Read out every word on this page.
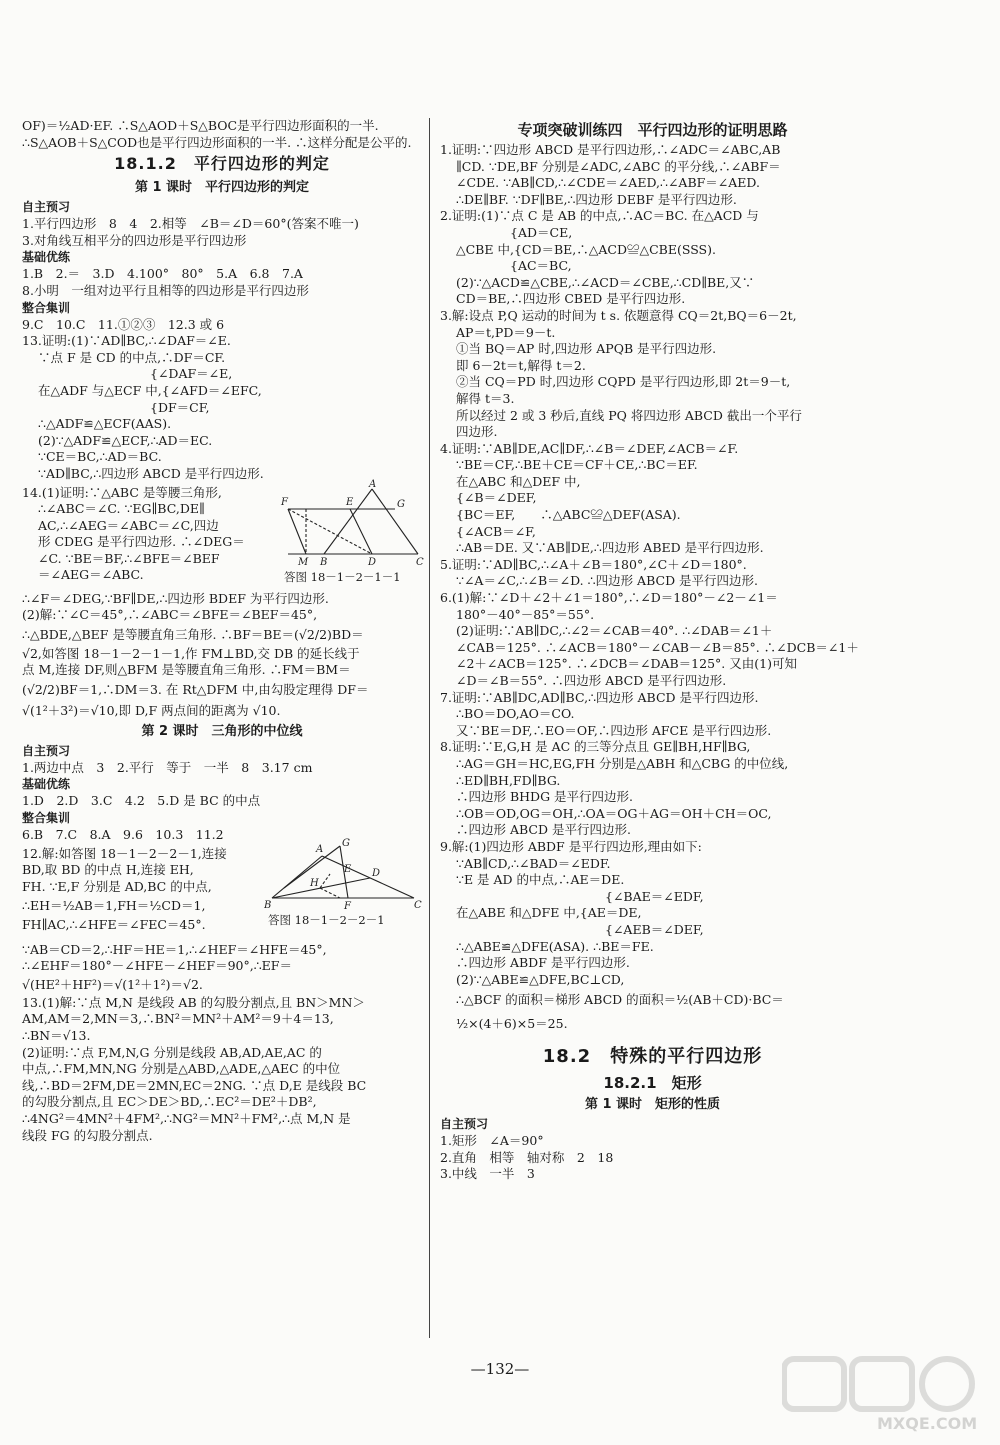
OF)＝½AD·EF. ∴S△AOD＋S△BOC是平行四边形面积的一半.
∴S△AOB＋S△COD也是平行四边形面积的一半. ∴这样分配是公平的.
18.1.2　平行四边形的判定
第 1 课时　平行四边形的判定
自主预习
1.平行四边形　8　4　2.相等　∠B＝∠D＝60°(答案不唯一)
3.对角线互相平分的四边形是平行四边形
基础优练
1.B　2.＝　3.D　4.100°　80°　5.A　6.8　7.A
8.小明　一组对边平行且相等的四边形是平行四边形
整合集训
9.C　10.C　11.①②③　12.3 或 6
13.证明:(1)∵AD∥BC,∴∠DAF＝∠E.
∵点 F 是 CD 的中点,∴DF＝CF.
{∠DAF＝∠E,
在△ADF 与△ECF 中,{∠AFD＝∠EFC,
{DF＝CF,
∴△ADF≌△ECF(AAS).
(2)∵△ADF≌△ECF,∴AD＝EC.
∵CE＝BC,∴AD＝BC.
∵AD∥BC,∴四边形 ABCD 是平行四边形.
14.(1)证明:∵△ABC 是等腰三角形,
∴∠ABC＝∠C. ∵EG∥BC,DE∥
AC,∴∠AEG＝∠ABC＝∠C,四边
形 CDEG 是平行四边形. ∴∠DEG＝
∠C. ∵BE＝BF,∴∠BFE＝∠BEF
＝∠AEG＝∠ABC.
A
F	E	G
B
M	D	C
答图 18－1－2－1－1
∴∠F＝∠DEG,∵BF∥DE,∴四边形 BDEF 为平行四边形.
(2)解:∵∠C＝45°,∴∠ABC＝∠BFE＝∠BEF＝45°,
∴△BDE,△BEF 是等腰直角三角形. ∴BF＝BE＝(√2/2)BD＝
√2,如答图 18－1－2－1－1,作 FM⊥BD,交 DB 的延长线于
点 M,连接 DF,则△BFM 是等腰直角三角形. ∴FM＝BM＝
(√2/2)BF＝1,∴DM＝3. 在 Rt△DFM 中,由勾股定理得 DF＝
√(1²＋3²)＝√10,即 D,F 两点间的距离为 √10.
第 2 课时　三角形的中位线
自主预习
1.两边中点　3　2.平行　等于　一半　8　3.17 cm
基础优练
1.D　2.D　3.C　4.2　5.D 是 BC 的中点
整合集训
6.B　7.C　8.A　9.6　10.3　11.2
12.解:如答图 18－1－2－2－1,连接
BD,取 BD 的中点 H,连接 EH,
FH. ∵E,F 分别是 AD,BC 的中点,
∴EH＝½AB＝1,FH＝½CD＝1,
FH∥AC,∴∠HFE＝∠FEC＝45°.
A
G
E D
H
B	F	C
答图 18－1－2－2－1
∵AB＝CD＝2,∴HF＝HE＝1,∴∠HEF＝∠HFE＝45°,
∴∠EHF＝180°－∠HFE－∠HEF＝90°,∴EF＝
√(HE²＋HF²)＝√(1²＋1²)＝√2.
13.(1)解:∵点 M,N 是线段 AB 的勾股分割点,且 BN＞MN＞
AM,AM＝2,MN＝3,∴BN²＝MN²＋AM²＝9＋4＝13,
∴BN＝√13.
(2)证明:∵点 F,M,N,G 分别是线段 AB,AD,AE,AC 的
中点,∴FM,MN,NG 分别是△ABD,△ADE,△AEC 的中位
线,∴BD＝2FM,DE＝2MN,EC＝2NG. ∵点 D,E 是线段 BC
的勾股分割点,且 EC＞DE＞BD,∴EC²＝DE²＋DB²,
∴4NG²＝4MN²＋4FM²,∴NG²＝MN²＋FM²,∴点 M,N 是
线段 FG 的勾股分割点.
专项突破训练四　平行四边形的证明思路
1.证明:∵四边形 ABCD 是平行四边形,∴∠ADC＝∠ABC,AB
∥CD. ∵DE,BF 分别是∠ADC,∠ABC 的平分线,∴∠ABF＝
∠CDE. ∵AB∥CD,∴∠CDE＝∠AED,∴∠ABF＝∠AED.
∴DE∥BF. ∵DF∥BE,∴四边形 DEBF 是平行四边形.
2.证明:(1)∵点 C 是 AB 的中点,∴AC＝BC. 在△ACD 与
{AD＝CE,
△CBE 中,{CD＝BE,∴△ACD≌△CBE(SSS).
{AC＝BC,
(2)∵△ACD≌△CBE,∴∠ACD＝∠CBE,∴CD∥BE,又∵
CD＝BE,∴四边形 CBED 是平行四边形.
3.解:设点 P,Q 运动的时间为 t s. 依题意得 CQ＝2t,BQ＝6－2t,
AP＝t,PD＝9－t.
①当 BQ＝AP 时,四边形 APQB 是平行四边形.
即 6－2t＝t,解得 t＝2.
②当 CQ＝PD 时,四边形 CQPD 是平行四边形,即 2t＝9－t,
解得 t＝3.
所以经过 2 或 3 秒后,直线 PQ 将四边形 ABCD 截出一个平行
四边形.
4.证明:∵AB∥DE,AC∥DF,∴∠B＝∠DEF,∠ACB＝∠F.
∵BE＝CF,∴BE＋CE＝CF＋CE,∴BC＝EF.
在△ABC 和△DEF 中,
{∠B＝∠DEF,
{BC＝EF,　　∴△ABC≌△DEF(ASA).
{∠ACB＝∠F,
∴AB＝DE. 又∵AB∥DE,∴四边形 ABED 是平行四边形.
5.证明:∵AD∥BC,∴∠A＋∠B＝180°,∠C＋∠D＝180°.
∵∠A＝∠C,∴∠B＝∠D. ∴四边形 ABCD 是平行四边形.
6.(1)解:∵∠D＋∠2＋∠1＝180°,∴∠D＝180°－∠2－∠1＝
180°－40°－85°＝55°.
(2)证明:∵AB∥DC,∴∠2＝∠CAB＝40°. ∴∠DAB＝∠1＋
∠CAB＝125°. ∴∠ACB＝180°－∠CAB－∠B＝85°. ∴∠DCB＝∠1＋
∠2＋∠ACB＝125°. ∴∠DCB＝∠DAB＝125°. 又由(1)可知
∠D＝∠B＝55°. ∴四边形 ABCD 是平行四边形.
7.证明:∵AB∥DC,AD∥BC,∴四边形 ABCD 是平行四边形.
∴BO＝DO,AO＝CO.
又∵BE＝DF,∴EO＝OF,∴四边形 AFCE 是平行四边形.
8.证明:∵E,G,H 是 AC 的三等分点且 GE∥BH,HF∥BG,
∴AG＝GH＝HC,EG,FH 分别是△ABH 和△CBG 的中位线,
∴ED∥BH,FD∥BG.
∴四边形 BHDG 是平行四边形.
∴OB＝OD,OG＝OH,∴OA＝OG＋AG＝OH＋CH＝OC,
∴四边形 ABCD 是平行四边形.
9.解:(1)四边形 ABDF 是平行四边形,理由如下:
∵AB∥CD,∴∠BAD＝∠EDF.
∵E 是 AD 的中点,∴AE＝DE.
{∠BAE＝∠EDF,
在△ABE 和△DFE 中,{AE＝DE,
{∠AEB＝∠DEF,
∴△ABE≌△DFE(ASA). ∴BE＝FE.
∴四边形 ABDF 是平行四边形.
(2)∵△ABE≌△DFE,BC⊥CD,
∴△BCF 的面积＝梯形 ABCD 的面积＝½(AB＋CD)·BC＝
½×(4＋6)×5＝25.
18.2　特殊的平行四边形
18.2.1　矩形
第 1 课时　矩形的性质
自主预习
1.矩形　∠A＝90°
2.直角　相等　轴对称　2　18
3.中线　一半　3
—132—
MXQE.COM
